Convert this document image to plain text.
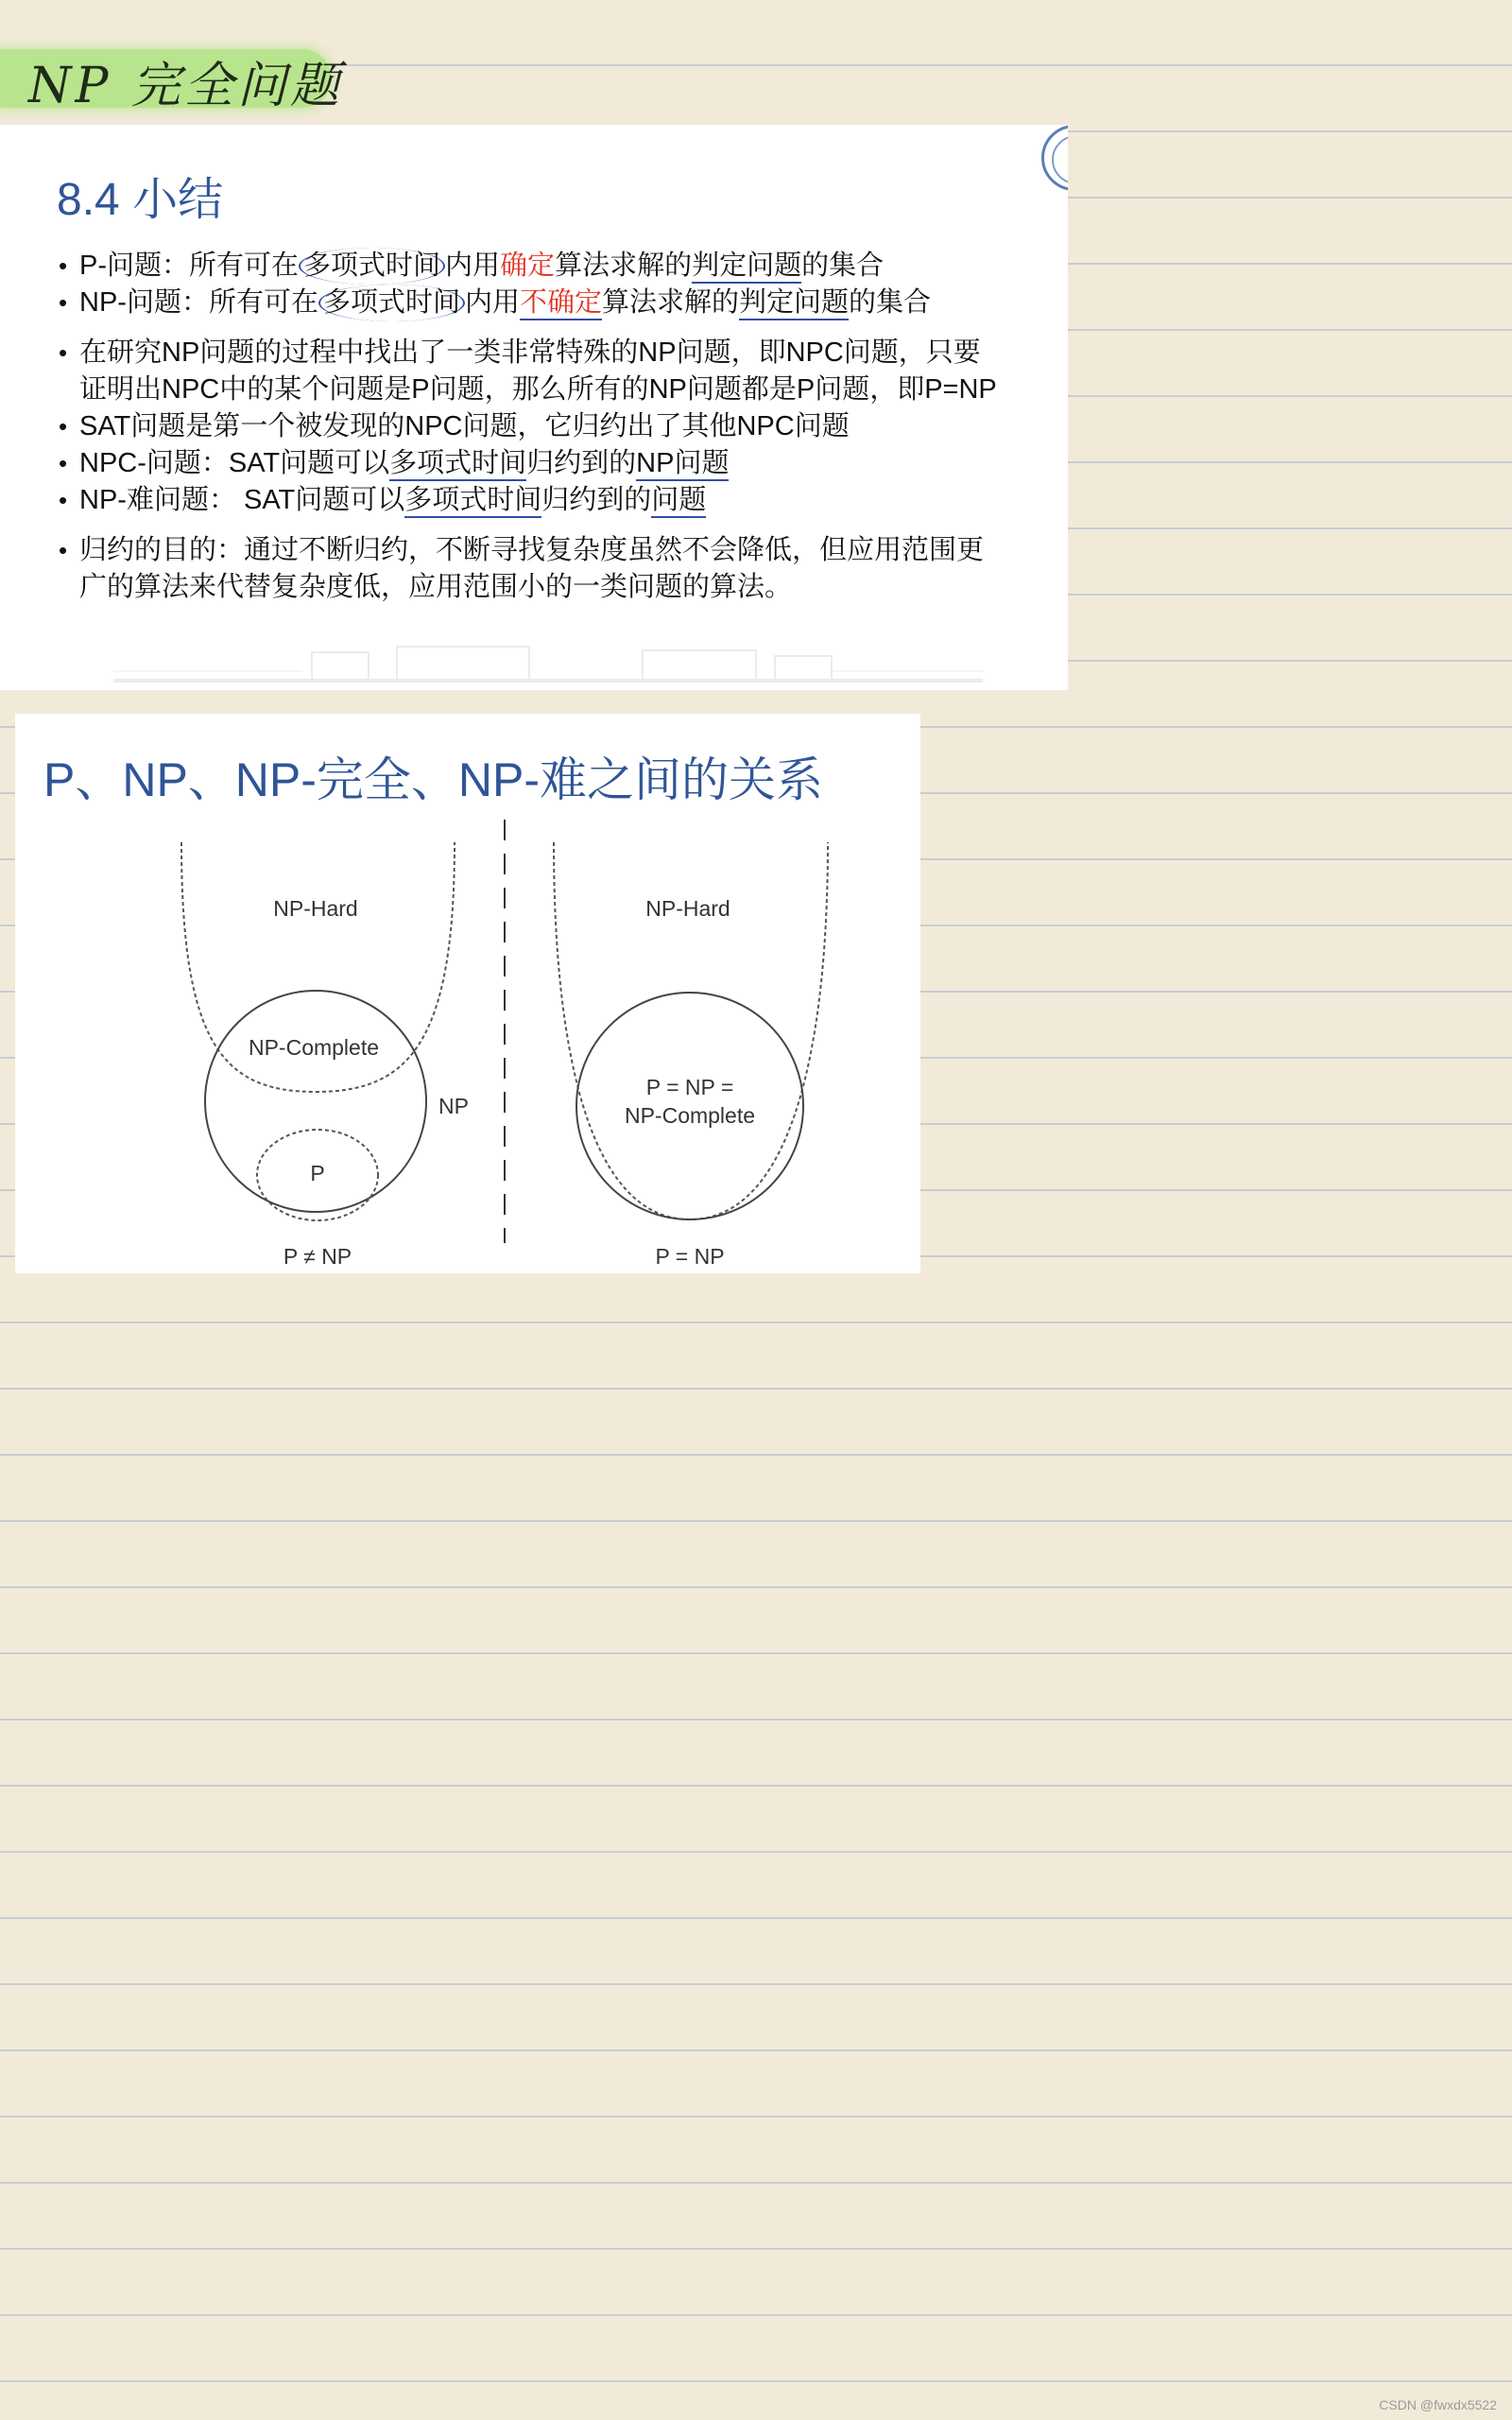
NP 完全问题
8.4 小结
• P-问题：所有可在 多项式时间 内用确定算法求解的判定问题的集合
• NP-问题：所有可在 多项式时间 内用不确定算法求解的判定问题的集合
• 在研究NP问题的过程中找出了一类非常特殊的NP问题，即NPC问题，只要
证明出NPC中的某个问题是P问题，那么所有的NP问题都是P问题，即P=NP
• SAT问题是第一个被发现的NPC问题，它归约出了其他NPC问题
• NPC-问题：SAT问题可以多项式时间归约到的NP问题
• NP-难问题： SAT问题可以多项式时间归约到的问题
• 归约的目的：通过不断归约，不断寻找复杂度虽然不会降低，但应用范围更
广的算法来代替复杂度低，应用范围小的一类问题的算法。
P、NP、NP-完全、NP-难之间的关系
NP-Hard
NP-Complete
NP
P
P ≠ NP
NP-Hard
P = NP =
NP-Complete
P = NP
CSDN @fwxdx5522
